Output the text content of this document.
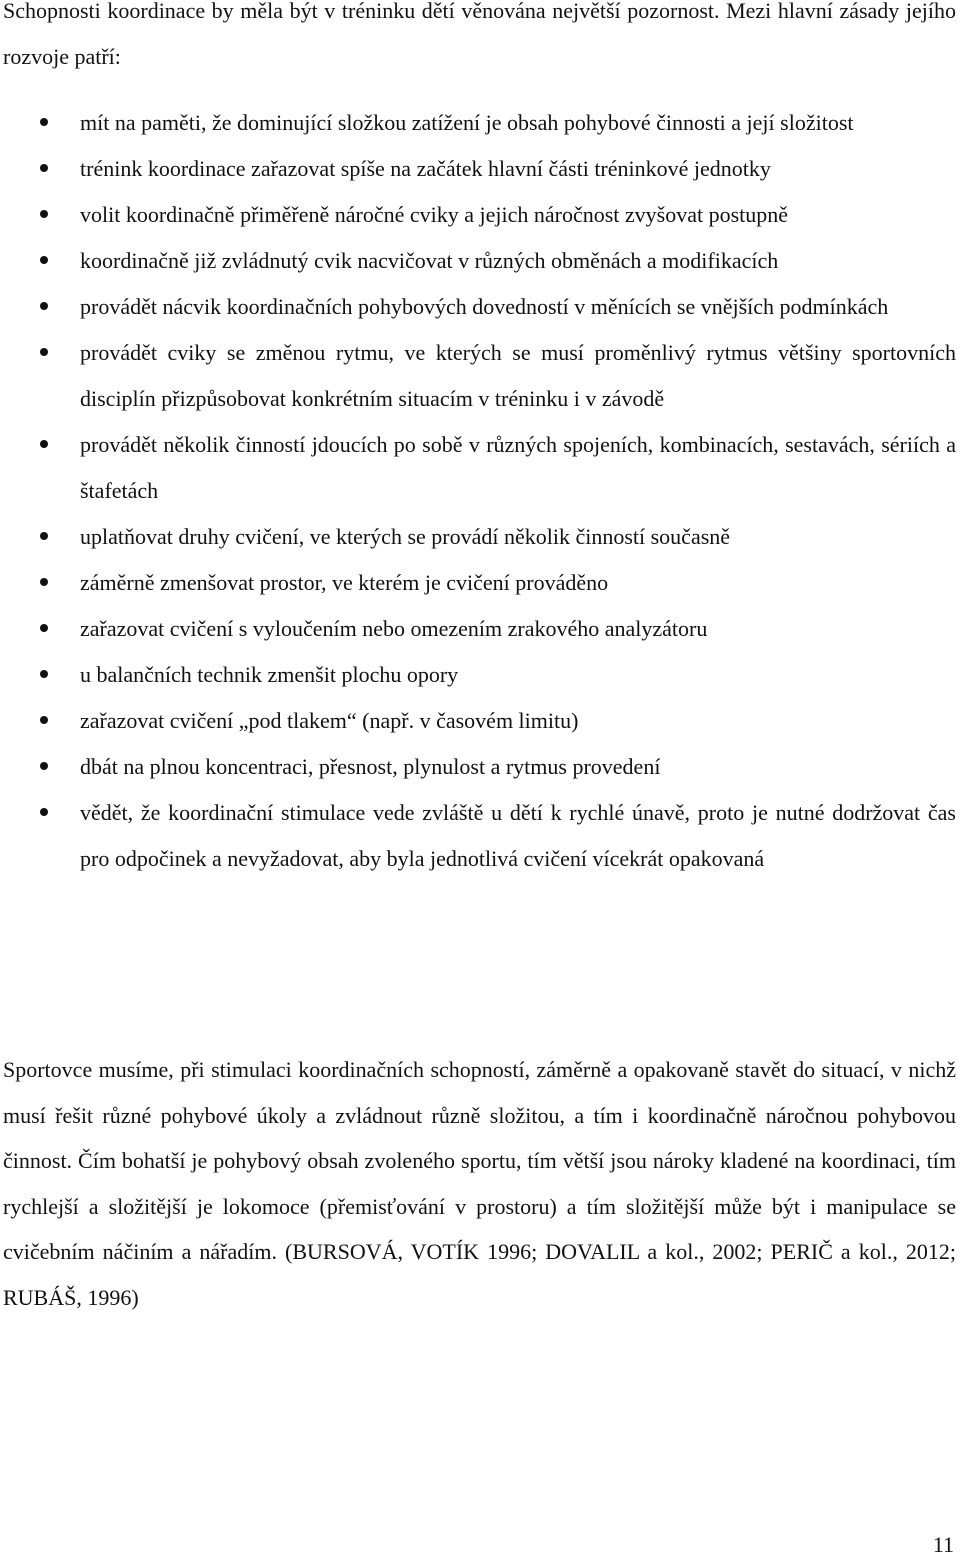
Schopnosti koordinace by měla být v tréninku dětí věnována největší pozornost. Mezi hlavní zásady jejího rozvoje patří:

mít na paměti, že dominující složkou zatížení je obsah pohybové činnosti a její složitost
trénink koordinace zařazovat spíše na začátek hlavní části tréninkové jednotky
volit koordinačně přiměřeně náročné cviky a jejich náročnost zvyšovat postupně
koordinačně již zvládnutý cvik nacvičovat v různých obměnách a modifikacích
provádět nácvik koordinačních pohybových dovedností v měnících se vnějších podmínkách
provádět cviky se změnou rytmu, ve kterých se musí proměnlivý rytmus většiny sportovních disciplín přizpůsobovat konkrétním situacím v tréninku i v závodě
provádět několik činností jdoucích po sobě v různých spojeních, kombinacích, sestavách, sériích a štafetách
uplatňovat druhy cvičení, ve kterých se provádí několik činností současně
záměrně zmenšovat prostor, ve kterém je cvičení prováděno
zařazovat cvičení s vyloučením nebo omezením zrakového analyzátoru
u balančních technik zmenšit plochu opory
zařazovat cvičení „pod tlakem“ (např. v časovém limitu)
dbát na plnou koncentraci, přesnost, plynulost a rytmus provedení
vědět, že koordinační stimulace vede zvláště u dětí k rychlé únavě, proto je nutné dodržovat čas pro odpočinek a nevyžadovat, aby byla jednotlivá cvičení vícekrát opakovaná

Sportovce musíme, při stimulaci koordinačních schopností, záměrně a opakovaně stavět do situací, v nichž musí řešit různé pohybové úkoly a zvládnout různě složitou, a tím i koordinačně náročnou pohybovou činnost. Čím bohatší je pohybový obsah zvoleného sportu, tím větší jsou nároky kladené na koordinaci, tím rychlejší a složitější je lokomoce (přemisťování v prostoru) a tím složitější může být i manipulace se cvičebním náčiním a nářadím. (BURSOVÁ, VOTÍK 1996; DOVALIL a kol., 2002; PERIČ a kol., 2012; RUBÁŠ, 1996)

11
